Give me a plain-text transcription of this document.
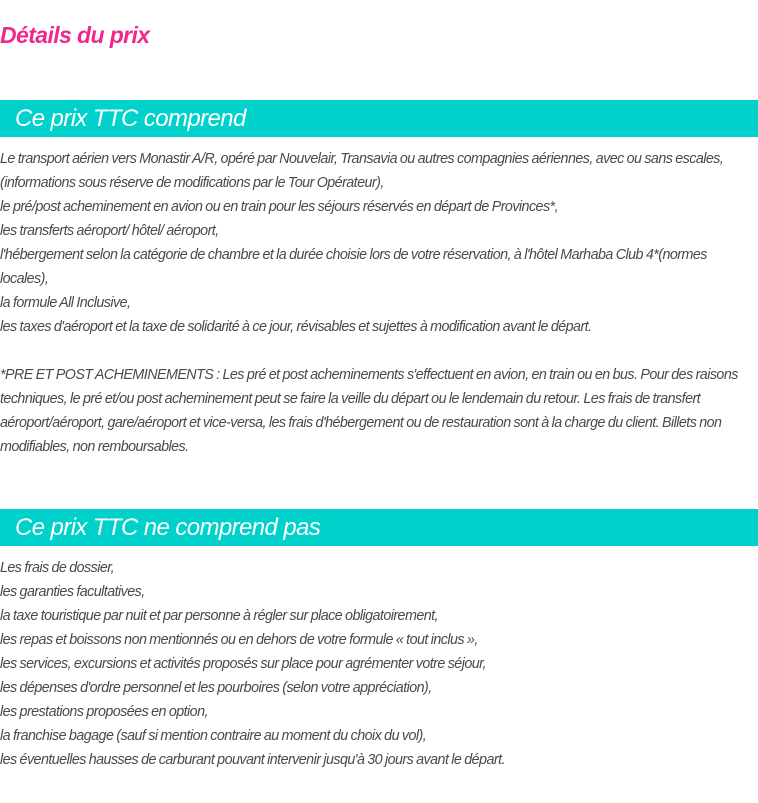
Détails du prix
Ce prix TTC comprend

Le transport aérien vers Monastir A/R, opéré par Nouvelair, Transavia ou autres compagnies aériennes, avec ou sans escales, (informations sous réserve de modifications par le Tour Opérateur),

le pré/post acheminement en avion ou en train pour les séjours réservés en départ de Provinces*,

les transferts aéroport/ hôtel/ aéroport,

l'hébergement selon la catégorie de chambre et la durée choisie lors de votre réservation, à l'hôtel Marhaba Club 4*(normes locales),

la formule All Inclusive,

les taxes d'aéroport et la taxe de solidarité à ce jour, révisables et sujettes à modification avant le départ.

*PRE ET POST ACHEMINEMENTS : Les pré et post acheminements s'effectuent en avion, en train ou en bus. Pour des raisons techniques, le pré et/ou post acheminement peut se faire la veille du départ ou le lendemain du retour. Les frais de transfert aéroport/aéroport, gare/aéroport et vice-versa, les frais d'hébergement ou de restauration sont à la charge du client. Billets non modifiables, non remboursables.

Ce prix TTC ne comprend pas

Les frais de dossier,

les garanties facultatives,

la taxe touristique par nuit et par personne à régler sur place obligatoirement,

les repas et boissons non mentionnés ou en dehors de votre formule « tout inclus »,

les services, excursions et activités proposés sur place pour agrémenter votre séjour,

les dépenses d'ordre personnel et les pourboires (selon votre appréciation),

les prestations proposées en option,

la franchise bagage (sauf si mention contraire au moment du choix du vol),

les éventuelles hausses de carburant pouvant intervenir jusqu'à 30 jours avant le départ.
